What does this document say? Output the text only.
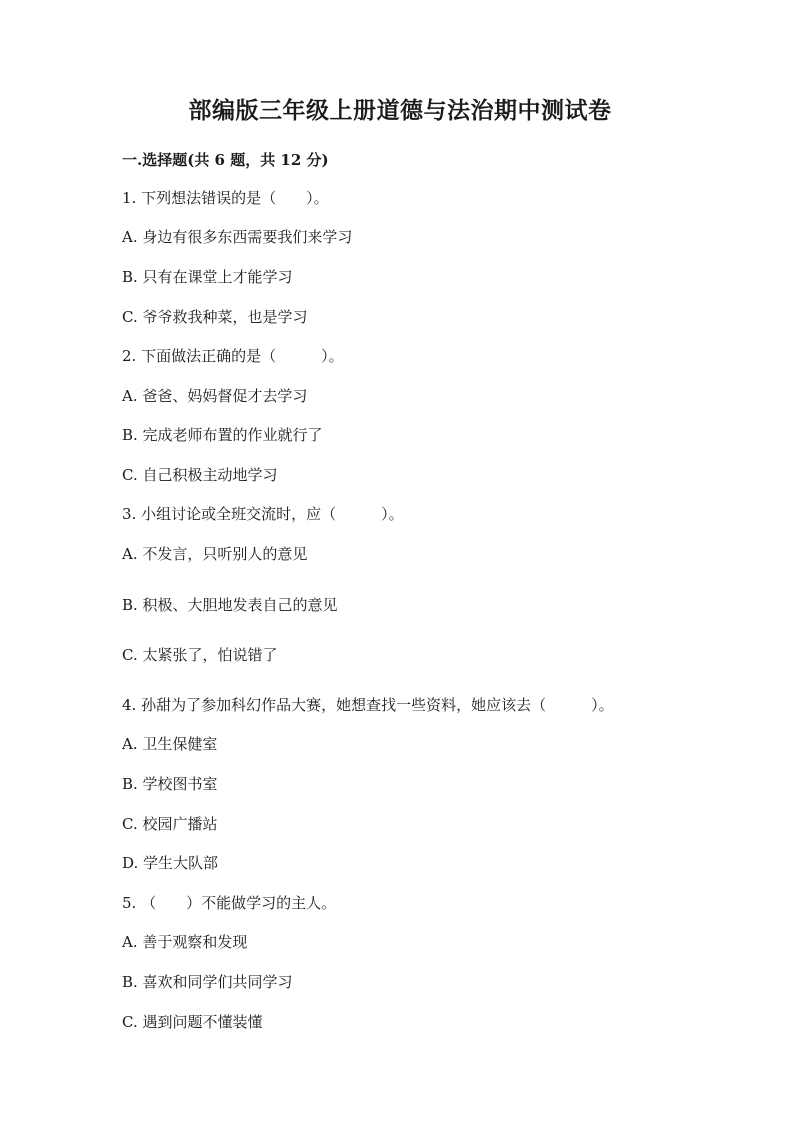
部编版三年级上册道德与法治期中测试卷
一.选择题(共 6 题，共 12 分)
1. 下列想法错误的是（　　）。
A. 身边有很多东西需要我们来学习
B. 只有在课堂上才能学习
C. 爷爷救我种菜，也是学习
2. 下面做法正确的是（　　　）。
A. 爸爸、妈妈督促才去学习
B. 完成老师布置的作业就行了
C. 自己积极主动地学习
3. 小组讨论或全班交流时，应（　　　）。
A. 不发言，只听别人的意见
B. 积极、大胆地发表自己的意见
C. 太紧张了，怕说错了
4. 孙甜为了参加科幻作品大赛，她想查找一些资料，她应该去（　　　）。
A. 卫生保健室
B. 学校图书室
C. 校园广播站
D. 学生大队部
5. （　　）不能做学习的主人。
A. 善于观察和发现
B. 喜欢和同学们共同学习
C. 遇到问题不懂装懂
